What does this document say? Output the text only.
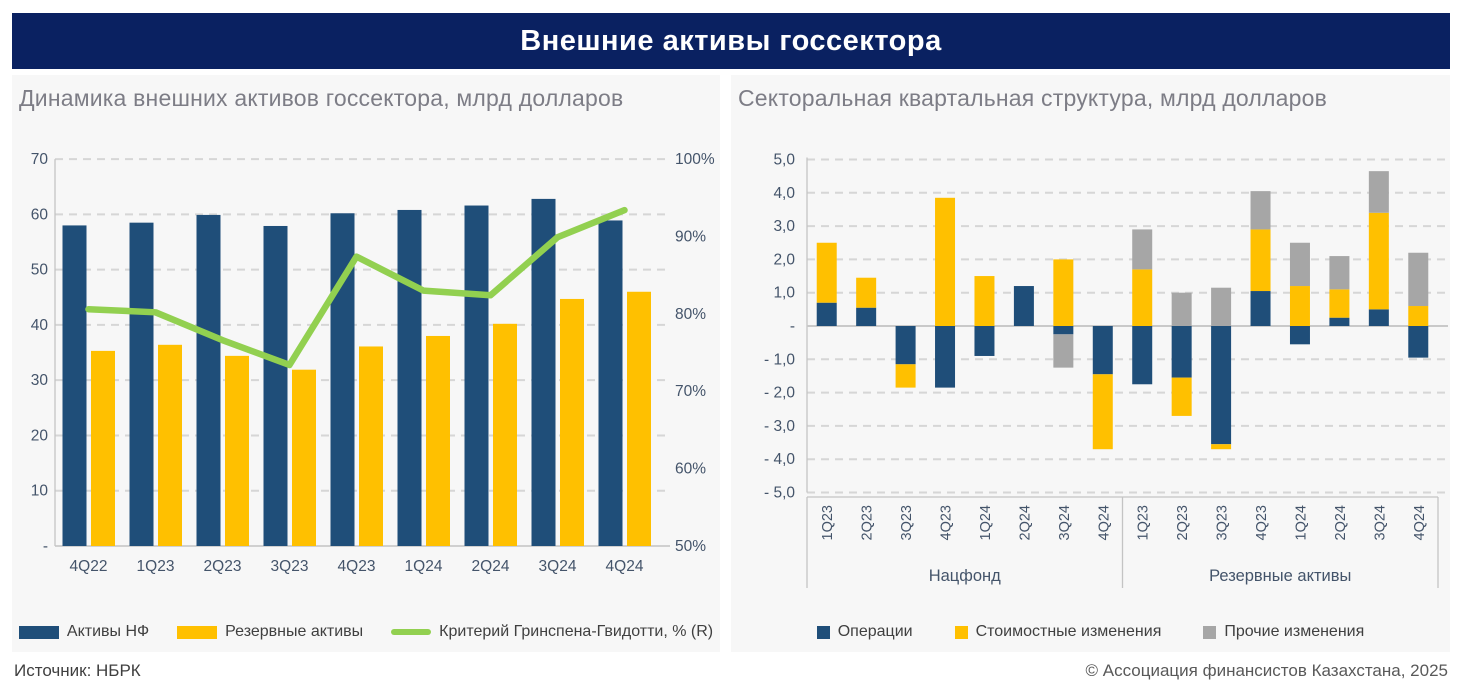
Внешние активы госсектора
Динамика внешних активов госсектора, млрд долларов
-
10
20
30
40
50
60
70
50%
60%
70%
80%
90%
100%
4Q22 1Q23 2Q23 3Q23 4Q23 1Q24 2Q24 3Q24 4Q24
Активы НФ	Резервные активы	Критерий Гринспена-Гвидотти, % (R)
Секторальная квартальная структура, млрд долларов
5,0
4,0
3,0
2,0
1,0
-
- 1,0
- 2,0
- 3,0
- 4,0
- 5,0
1Q23 2Q23 3Q23 4Q23 1Q24 2Q24 3Q24 4Q24 1Q23 2Q23 3Q23 4Q23 1Q24 2Q24 3Q24 4Q24
Нацфонд	Резервные активы
Операции	Стоимостные изменения	Прочие изменения
Источник: НБРК	© Ассоциация финансистов Казахстана, 2025
